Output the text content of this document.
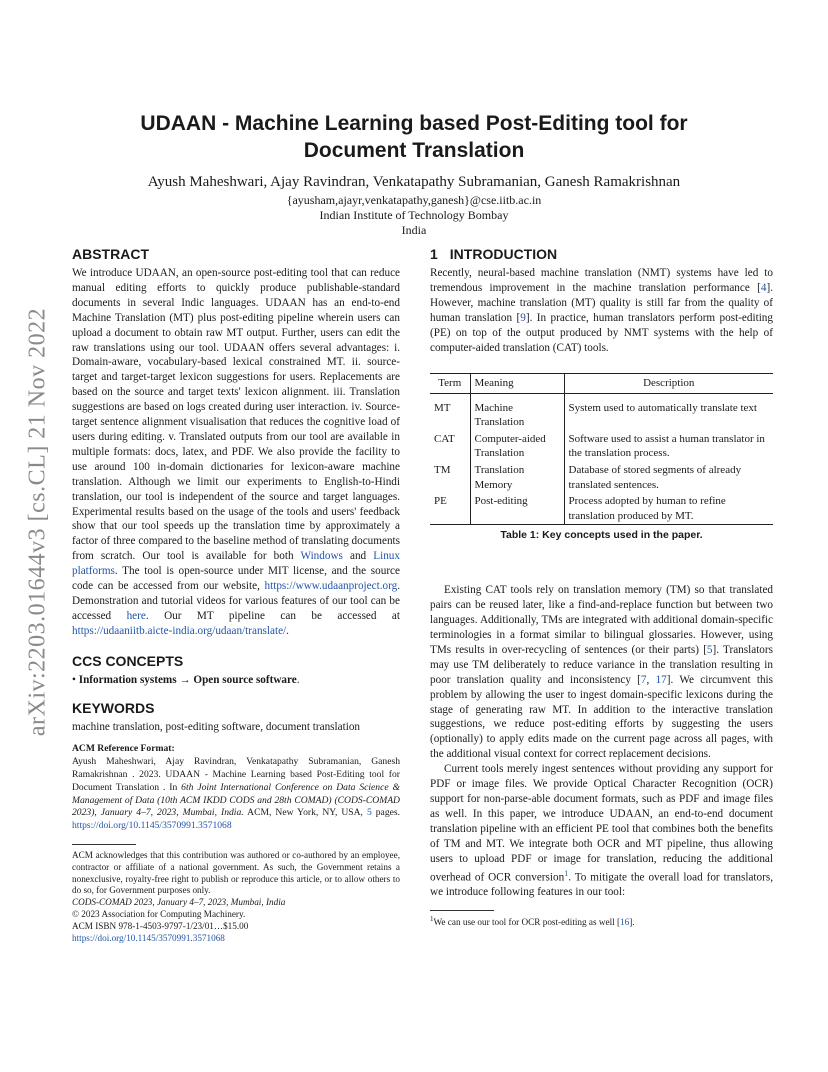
arXiv:2203.01644v3 [cs.CL] 21 Nov 2022
UDAAN - Machine Learning based Post-Editing tool for
Document Translation
Ayush Maheshwari, Ajay Ravindran, Venkatapathy Subramanian, Ganesh Ramakrishnan
{ayusham,ajayr,venkatapathy,ganesh}@cse.iitb.ac.in
Indian Institute of Technology Bombay
India
ABSTRACT

We introduce UDAAN, an open-source post-editing tool that can reduce manual editing efforts to quickly produce publishable-standard documents in several Indic languages. UDAAN has an end-to-end Machine Translation (MT) plus post-editing pipeline wherein users can upload a document to obtain raw MT output. Further, users can edit the raw translations using our tool. UDAAN offers several advantages: i. Domain-aware, vocabulary-based lexical constrained MT. ii. source-target and target-target lexicon suggestions for users. Replacements are based on the source and target texts' lexicon alignment. iii. Translation suggestions are based on logs created during user interaction. iv. Source-target sentence alignment visualisation that reduces the cognitive load of users during editing. v. Translated outputs from our tool are available in multiple formats: docs, latex, and PDF. We also provide the facility to use around 100 in-domain dictionaries for lexicon-aware machine translation. Although we limit our experiments to English-to-Hindi translation, our tool is independent of the source and target languages. Experimental results based on the usage of the tools and users' feedback show that our tool speeds up the translation time by approximately a factor of three compared to the baseline method of translating documents from scratch. Our tool is available for both Windows and Linux platforms. The tool is open-source under MIT license, and the source code can be accessed from our website, https://www.udaanproject.org. Demonstration and tutorial videos for various features of our tool can be accessed here. Our MT pipeline can be accessed at https://udaaniitb.aicte-india.org/udaan/translate/.

CCS CONCEPTS

• Information systems → Open source software.

KEYWORDS

machine translation, post-editing software, document translation

ACM Reference Format:
Ayush Maheshwari, Ajay Ravindran, Venkatapathy Subramanian, Ganesh Ramakrishnan . 2023. UDAAN - Machine Learning based Post-Editing tool for Document Translation . In 6th Joint International Conference on Data Science & Management of Data (10th ACM IKDD CODS and 28th COMAD) (CODS-COMAD 2023), January 4–7, 2023, Mumbai, India. ACM, New York, NY, USA, 5 pages. https://doi.org/10.1145/3570991.3571068
ACM acknowledges that this contribution was authored or co-authored by an employee, contractor or affiliate of a national government. As such, the Government retains a nonexclusive, royalty-free right to publish or reproduce this article, or to allow others to do so, for Government purposes only.
CODS-COMAD 2023, January 4–7, 2023, Mumbai, India
© 2023 Association for Computing Machinery.
ACM ISBN 978-1-4503-9797-1/23/01…$15.00
https://doi.org/10.1145/3570991.3571068
1 INTRODUCTION

Recently, neural-based machine translation (NMT) systems have led to tremendous improvement in the machine translation performance [4]. However, machine translation (MT) quality is still far from the quality of human translation [9]. In practice, human translators perform post-editing (PE) on top of the output produced by NMT systems with the help of computer-aided translation (CAT) tools.

Term	Meaning	Description

MT	Machine Translation	System used to automatically translate text
CAT	Computer-aided Translation	Software used to assist a human translator in the translation process.
TM	Translation Memory	Database of stored segments of already translated sentences.
PE	Post-editing	Process adopted by human to refine translation produced by MT.
Table 1: Key concepts used in the paper.

Existing CAT tools rely on translation memory (TM) so that translated pairs can be reused later, like a find-and-replace function but between two languages. Additionally, TMs are integrated with additional domain-specific terminologies in a format similar to bilingual glossaries. However, using TMs results in over-recycling of sentences (or their parts) [5]. Translators may use TM deliberately to reduce variance in the translation resulting in poor translation quality and inconsistency [7, 17]. We circumvent this problem by allowing the user to ingest domain-specific lexicons during the stage of generating raw MT. In addition to the interactive translation suggestions, we reduce post-editing efforts by suggesting the users (optionally) to apply edits made on the current page across all pages, with the additional visual context for correct replacement decisions.

Current tools merely ingest sentences without providing any support for PDF or image files. We provide Optical Character Recognition (OCR) support for non-parse-able document formats, such as PDF and image files as well. In this paper, we introduce UDAAN, an end-to-end document translation pipeline with an efficient PE tool that combines both the benefits of TM and MT. We integrate both OCR and MT pipeline, thus allowing users to upload PDF or image for translation, reducing the additional overhead of OCR conversion$^1$. To mitigate the overall load for translators, we introduce following features in our tool:

$^1$We can use our tool for OCR post-editing as well [16].
